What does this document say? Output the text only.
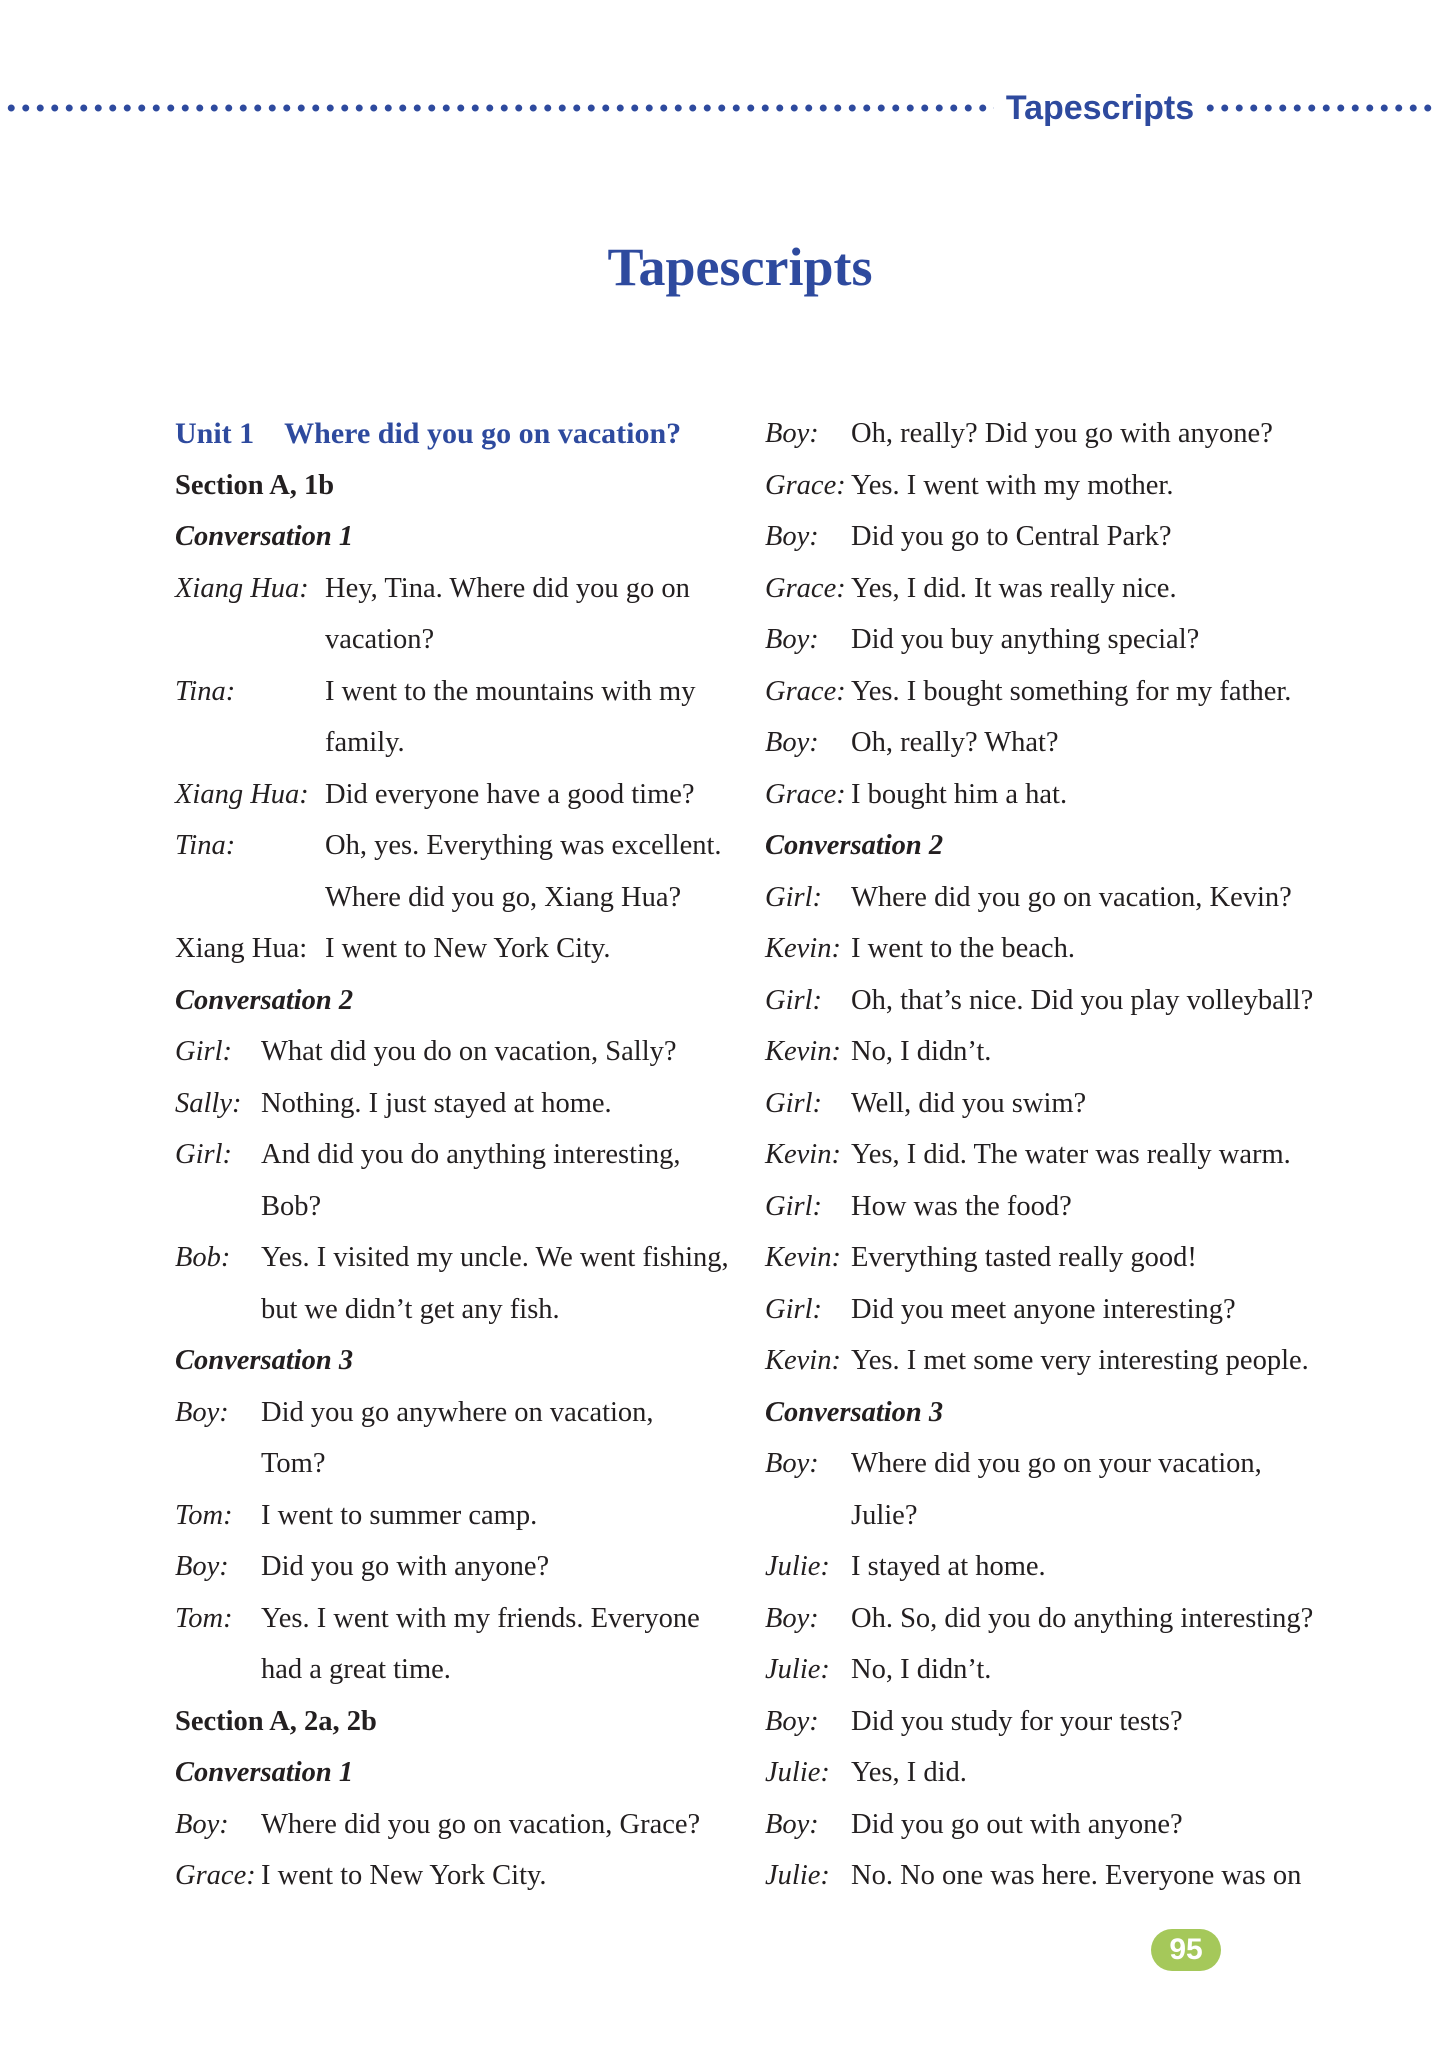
Tapescripts
Tapescripts
Unit 1 Where did you go on vacation?
Section A, 1b
Conversation 1
Xiang Hua: Hey, Tina. Where did you go on
vacation?
Tina:	I went to the mountains with my
family.
Xiang Hua: Did everyone have a good time?
Tina:	Oh, yes. Everything was excellent.
Where did you go, Xiang Hua?
Xiang Hua: I went to New York City.
Conversation 2
Girl: What did you do on vacation, Sally?
Sally: Nothing. I just stayed at home.
Girl: And did you do anything interesting,
Bob?
Bob: Yes. I visited my uncle. We went fishing,
but we didn’t get any fish.
Conversation 3
Boy: Did you go anywhere on vacation,
Tom?
Tom: I went to summer camp.
Boy: Did you go with anyone?
Tom: Yes. I went with my friends. Everyone
had a great time.
Section A, 2a, 2b
Conversation 1
Boy: Where did you go on vacation, Grace?
Grace: I went to New York City.
Boy: Oh, really? Did you go with anyone?
Grace: Yes. I went with my mother.
Boy: Did you go to Central Park?
Grace: Yes, I did. It was really nice.
Boy: Did you buy anything special?
Grace: Yes. I bought something for my father.
Boy: Oh, really? What?
Grace: I bought him a hat.
Conversation 2
Girl: Where did you go on vacation, Kevin?
Kevin: I went to the beach.
Girl: Oh, that’s nice. Did you play volleyball?
Kevin: No, I didn’t.
Girl: Well, did you swim?
Kevin: Yes, I did. The water was really warm.
Girl: How was the food?
Kevin: Everything tasted really good!
Girl: Did you meet anyone interesting?
Kevin: Yes. I met some very interesting people.
Conversation 3
Boy: Where did you go on your vacation,
Julie?
Julie: I stayed at home.
Boy: Oh. So, did you do anything interesting?
Julie: No, I didn’t.
Boy: Did you study for your tests?
Julie: Yes, I did.
Boy: Did you go out with anyone?
Julie: No. No one was here. Everyone was on
95
